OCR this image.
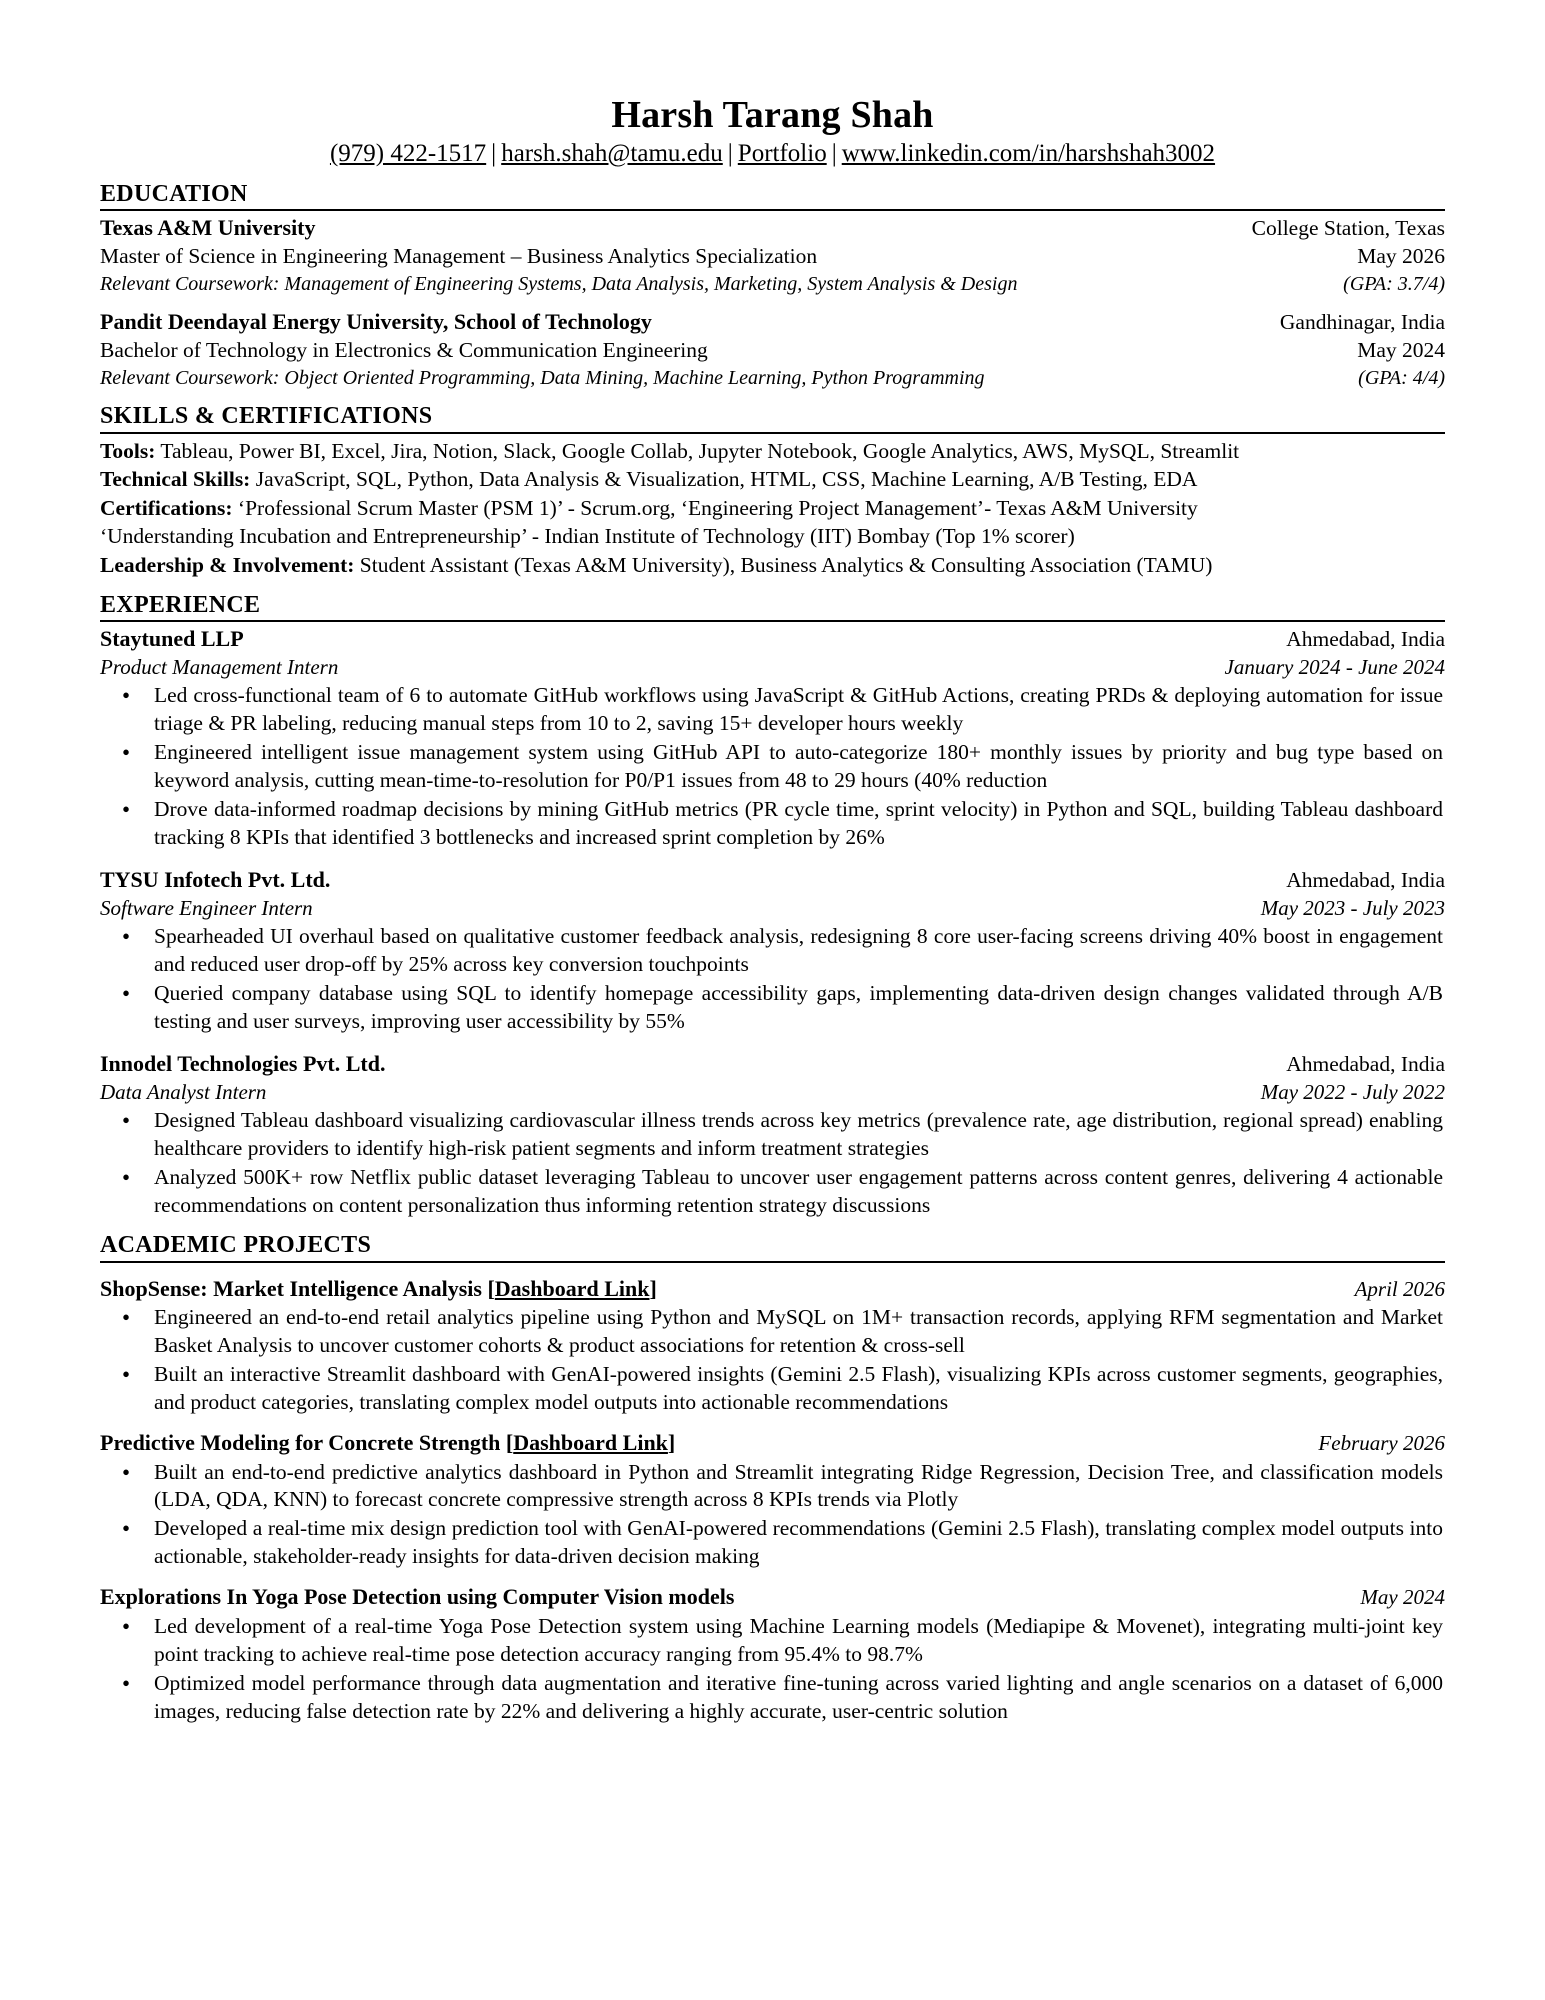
Harsh Tarang Shah
(979) 422-1517 | harsh.shah@tamu.edu | Portfolio | www.linkedin.com/in/harshshah3002
EDUCATION
Texas A&M University	College Station, Texas
Master of Science in Engineering Management – Business Analytics Specialization	May 2026
Relevant Coursework: Management of Engineering Systems, Data Analysis, Marketing, System Analysis & Design	(GPA: 3.7/4)
Pandit Deendayal Energy University, School of Technology	Gandhinagar, India
Bachelor of Technology in Electronics & Communication Engineering	May 2024
Relevant Coursework: Object Oriented Programming, Data Mining, Machine Learning, Python Programming	(GPA: 4/4)
SKILLS & CERTIFICATIONS
Tools: Tableau, Power BI, Excel, Jira, Notion, Slack, Google Collab, Jupyter Notebook, Google Analytics, AWS, MySQL, Streamlit
Technical Skills: JavaScript, SQL, Python, Data Analysis & Visualization, HTML, CSS, Machine Learning, A/B Testing, EDA
Certifications: ‘Professional Scrum Master (PSM 1)’ - Scrum.org, ‘Engineering Project Management’- Texas A&M University
‘Understanding Incubation and Entrepreneurship’ - Indian Institute of Technology (IIT) Bombay (Top 1% scorer)
Leadership & Involvement: Student Assistant (Texas A&M University), Business Analytics & Consulting Association (TAMU)
EXPERIENCE
Staytuned LLP	Ahmedabad, India
Product Management Intern	January 2024 - June 2024
• Led cross-functional team of 6 to automate GitHub workflows using JavaScript & GitHub Actions, creating PRDs & deploying automation for issue triage & PR labeling, reducing manual steps from 10 to 2, saving 15+ developer hours weekly
• Engineered intelligent issue management system using GitHub API to auto-categorize 180+ monthly issues by priority and bug type based on keyword analysis, cutting mean-time-to-resolution for P0/P1 issues from 48 to 29 hours (40% reduction
• Drove data-informed roadmap decisions by mining GitHub metrics (PR cycle time, sprint velocity) in Python and SQL, building Tableau dashboard tracking 8 KPIs that identified 3 bottlenecks and increased sprint completion by 26%
TYSU Infotech Pvt. Ltd.	Ahmedabad, India
Software Engineer Intern	May 2023 - July 2023
• Spearheaded UI overhaul based on qualitative customer feedback analysis, redesigning 8 core user-facing screens driving 40% boost in engagement and reduced user drop-off by 25% across key conversion touchpoints
• Queried company database using SQL to identify homepage accessibility gaps, implementing data-driven design changes validated through A/B testing and user surveys, improving user accessibility by 55%
Innodel Technologies Pvt. Ltd.	Ahmedabad, India
Data Analyst Intern	May 2022 - July 2022
• Designed Tableau dashboard visualizing cardiovascular illness trends across key metrics (prevalence rate, age distribution, regional spread) enabling healthcare providers to identify high-risk patient segments and inform treatment strategies
• Analyzed 500K+ row Netflix public dataset leveraging Tableau to uncover user engagement patterns across content genres, delivering 4 actionable recommendations on content personalization thus informing retention strategy discussions
ACADEMIC PROJECTS
ShopSense: Market Intelligence Analysis [Dashboard Link]	April 2026
• Engineered an end-to-end retail analytics pipeline using Python and MySQL on 1M+ transaction records, applying RFM segmentation and Market Basket Analysis to uncover customer cohorts & product associations for retention & cross-sell
• Built an interactive Streamlit dashboard with GenAI-powered insights (Gemini 2.5 Flash), visualizing KPIs across customer segments, geographies, and product categories, translating complex model outputs into actionable recommendations
Predictive Modeling for Concrete Strength [Dashboard Link]	February 2026
• Built an end-to-end predictive analytics dashboard in Python and Streamlit integrating Ridge Regression, Decision Tree, and classification models (LDA, QDA, KNN) to forecast concrete compressive strength across 8 KPIs trends via Plotly
• Developed a real-time mix design prediction tool with GenAI-powered recommendations (Gemini 2.5 Flash), translating complex model outputs into actionable, stakeholder-ready insights for data-driven decision making
Explorations In Yoga Pose Detection using Computer Vision models	May 2024
• Led development of a real-time Yoga Pose Detection system using Machine Learning models (Mediapipe & Movenet), integrating multi-joint key point tracking to achieve real-time pose detection accuracy ranging from 95.4% to 98.7%
• Optimized model performance through data augmentation and iterative fine-tuning across varied lighting and angle scenarios on a dataset of 6,000 images, reducing false detection rate by 22% and delivering a highly accurate, user-centric solution
